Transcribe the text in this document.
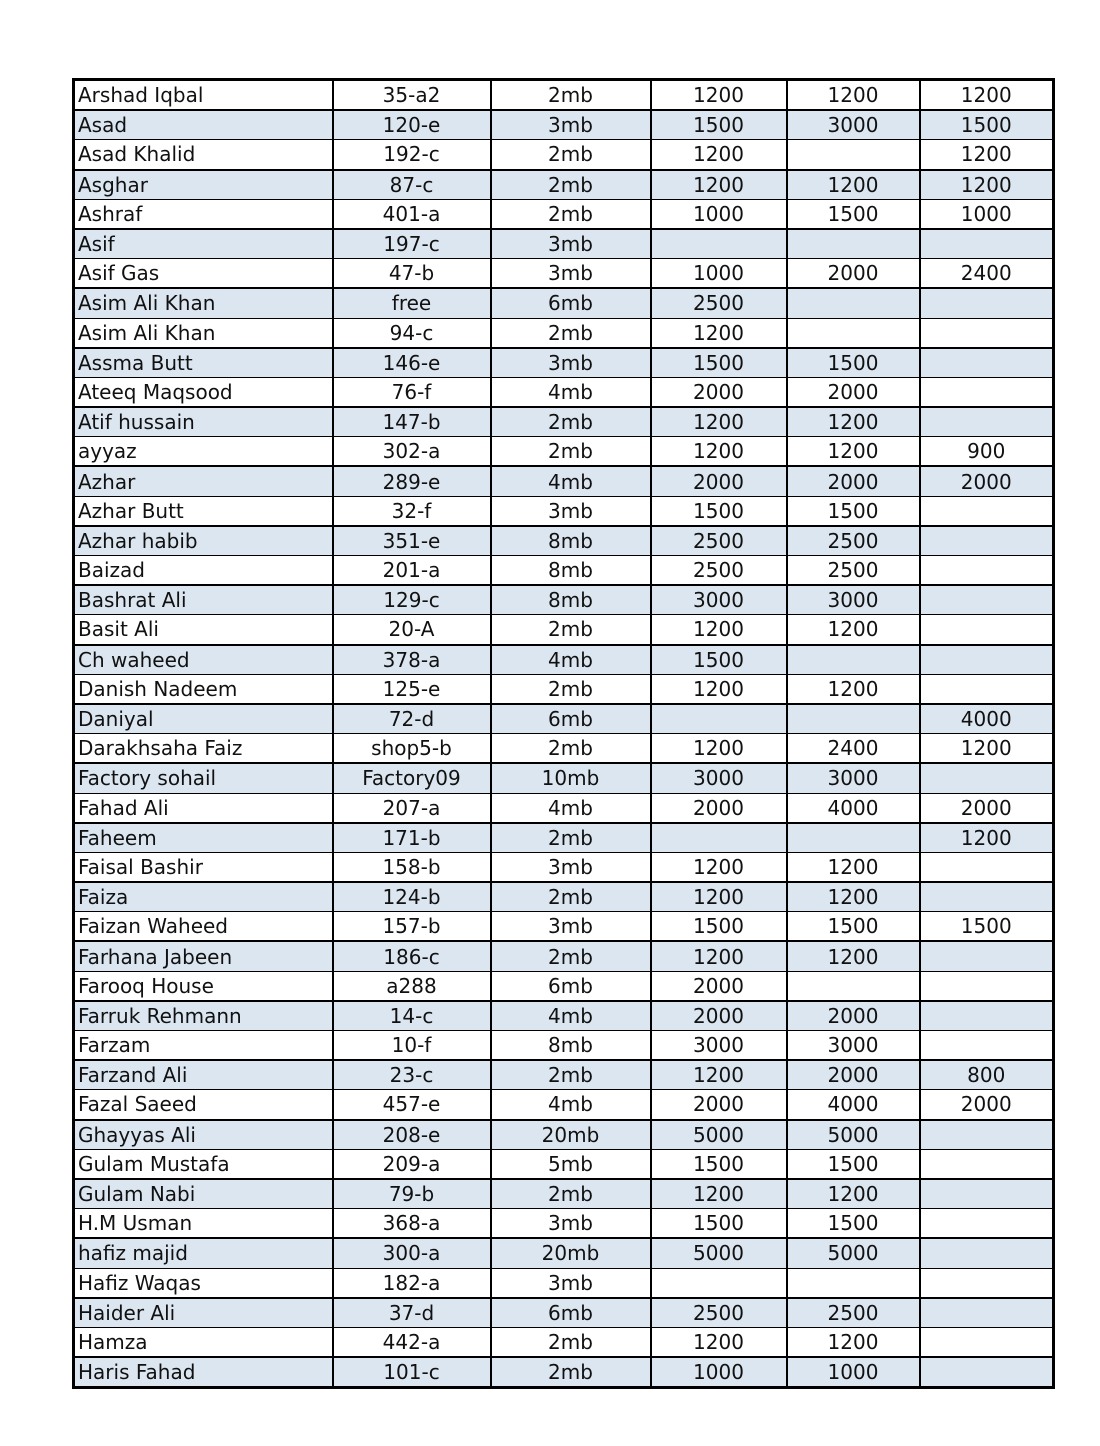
Arshad Iqbal	35-a2	2mb	1200	1200	1200
Asad	120-e	3mb	1500	3000	1500
Asad Khalid	192-c	2mb	1200		1200
Asghar	87-c	2mb	1200	1200	1200
Ashraf	401-a	2mb	1000	1500	1000
Asif	197-c	3mb			
Asif Gas	47-b	3mb	1000	2000	2400
Asim Ali Khan	free	6mb	2500		
Asim Ali Khan	94-c	2mb	1200		
Assma Butt	146-e	3mb	1500	1500	
Ateeq Maqsood	76-f	4mb	2000	2000	
Atif hussain	147-b	2mb	1200	1200	
ayyaz	302-a	2mb	1200	1200	900
Azhar	289-e	4mb	2000	2000	2000
Azhar Butt	32-f	3mb	1500	1500	
Azhar habib	351-e	8mb	2500	2500	
Baizad	201-a	8mb	2500	2500	
Bashrat Ali	129-c	8mb	3000	3000	
Basit Ali	20-A	2mb	1200	1200	
Ch waheed	378-a	4mb	1500		
Danish Nadeem	125-e	2mb	1200	1200	
Daniyal	72-d	6mb			4000
Darakhsaha Faiz	shop5-b	2mb	1200	2400	1200
Factory sohail	Factory09	10mb	3000	3000	
Fahad Ali	207-a	4mb	2000	4000	2000
Faheem	171-b	2mb			1200
Faisal Bashir	158-b	3mb	1200	1200	
Faiza	124-b	2mb	1200	1200	
Faizan Waheed	157-b	3mb	1500	1500	1500
Farhana Jabeen	186-c	2mb	1200	1200	
Farooq House	a288	6mb	2000		
Farruk Rehmann	14-c	4mb	2000	2000	
Farzam	10-f	8mb	3000	3000	
Farzand Ali	23-c	2mb	1200	2000	800
Fazal Saeed	457-e	4mb	2000	4000	2000
Ghayyas Ali	208-e	20mb	5000	5000	
Gulam Mustafa	209-a	5mb	1500	1500	
Gulam Nabi	79-b	2mb	1200	1200	
H.M Usman	368-a	3mb	1500	1500	
hafiz majid	300-a	20mb	5000	5000	
Hafiz Waqas	182-a	3mb			
Haider Ali	37-d	6mb	2500	2500	
Hamza	442-a	2mb	1200	1200	
Haris Fahad	101-c	2mb	1000	1000	
